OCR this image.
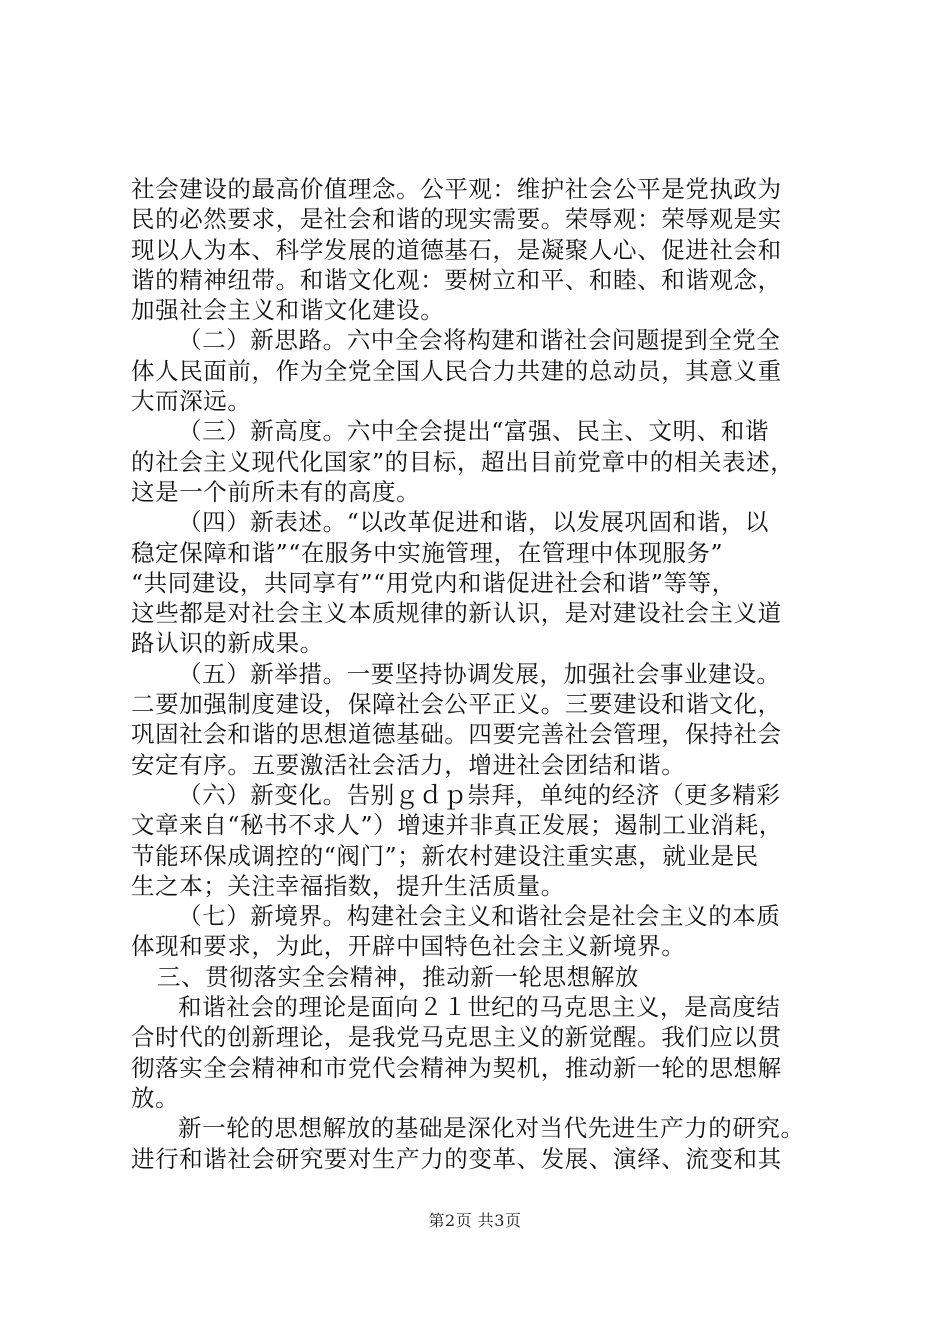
社会建设的最高价值理念。公平观：维护社会公平是党执政为
民的必然要求，是社会和谐的现实需要。荣辱观：荣辱观是实
现以人为本、科学发展的道德基石，是凝聚人心、促进社会和
谐的精神纽带。和谐文化观：要树立和平、和睦、和谐观念，
加强社会主义和谐文化建设。
（二）新思路。六中全会将构建和谐社会问题提到全党全
体人民面前，作为全党全国人民合力共建的总动员，其意义重
大而深远。
（三）新高度。六中全会提出“富强、民主、文明、和谐
的社会主义现代化国家”的目标，超出目前党章中的相关表述，
这是一个前所未有的高度。
（四）新表述。“以改革促进和谐，以发展巩固和谐，以
稳定保障和谐”“在服务中实施管理，在管理中体现服务”
“共同建设，共同享有”“用党内和谐促进社会和谐”等等，
这些都是对社会主义本质规律的新认识，是对建设社会主义道
路认识的新成果。
（五）新举措。一要坚持协调发展，加强社会事业建设。
二要加强制度建设，保障社会公平正义。三要建设和谐文化，
巩固社会和谐的思想道德基础。四要完善社会管理，保持社会
安定有序。五要激活社会活力，增进社会团结和谐。
（六）新变化。告别ｇｄｐ崇拜，单纯的经济（更多精彩
文章来自“秘书不求人”）增速并非真正发展；遏制工业消耗，
节能环保成调控的“阀门”；新农村建设注重实惠，就业是民
生之本；关注幸福指数，提升生活质量。
（七）新境界。构建社会主义和谐社会是社会主义的本质
体现和要求，为此，开辟中国特色社会主义新境界。
三、贯彻落实全会精神，推动新一轮思想解放
和谐社会的理论是面向２１世纪的马克思主义，是高度结
合时代的创新理论，是我党马克思主义的新觉醒。我们应以贯
彻落实全会精神和市党代会精神为契机，推动新一轮的思想解
放。
新一轮的思想解放的基础是深化对当代先进生产力的研究。
进行和谐社会研究要对生产力的变革、发展、演绎、流变和其
第2页 共3页
